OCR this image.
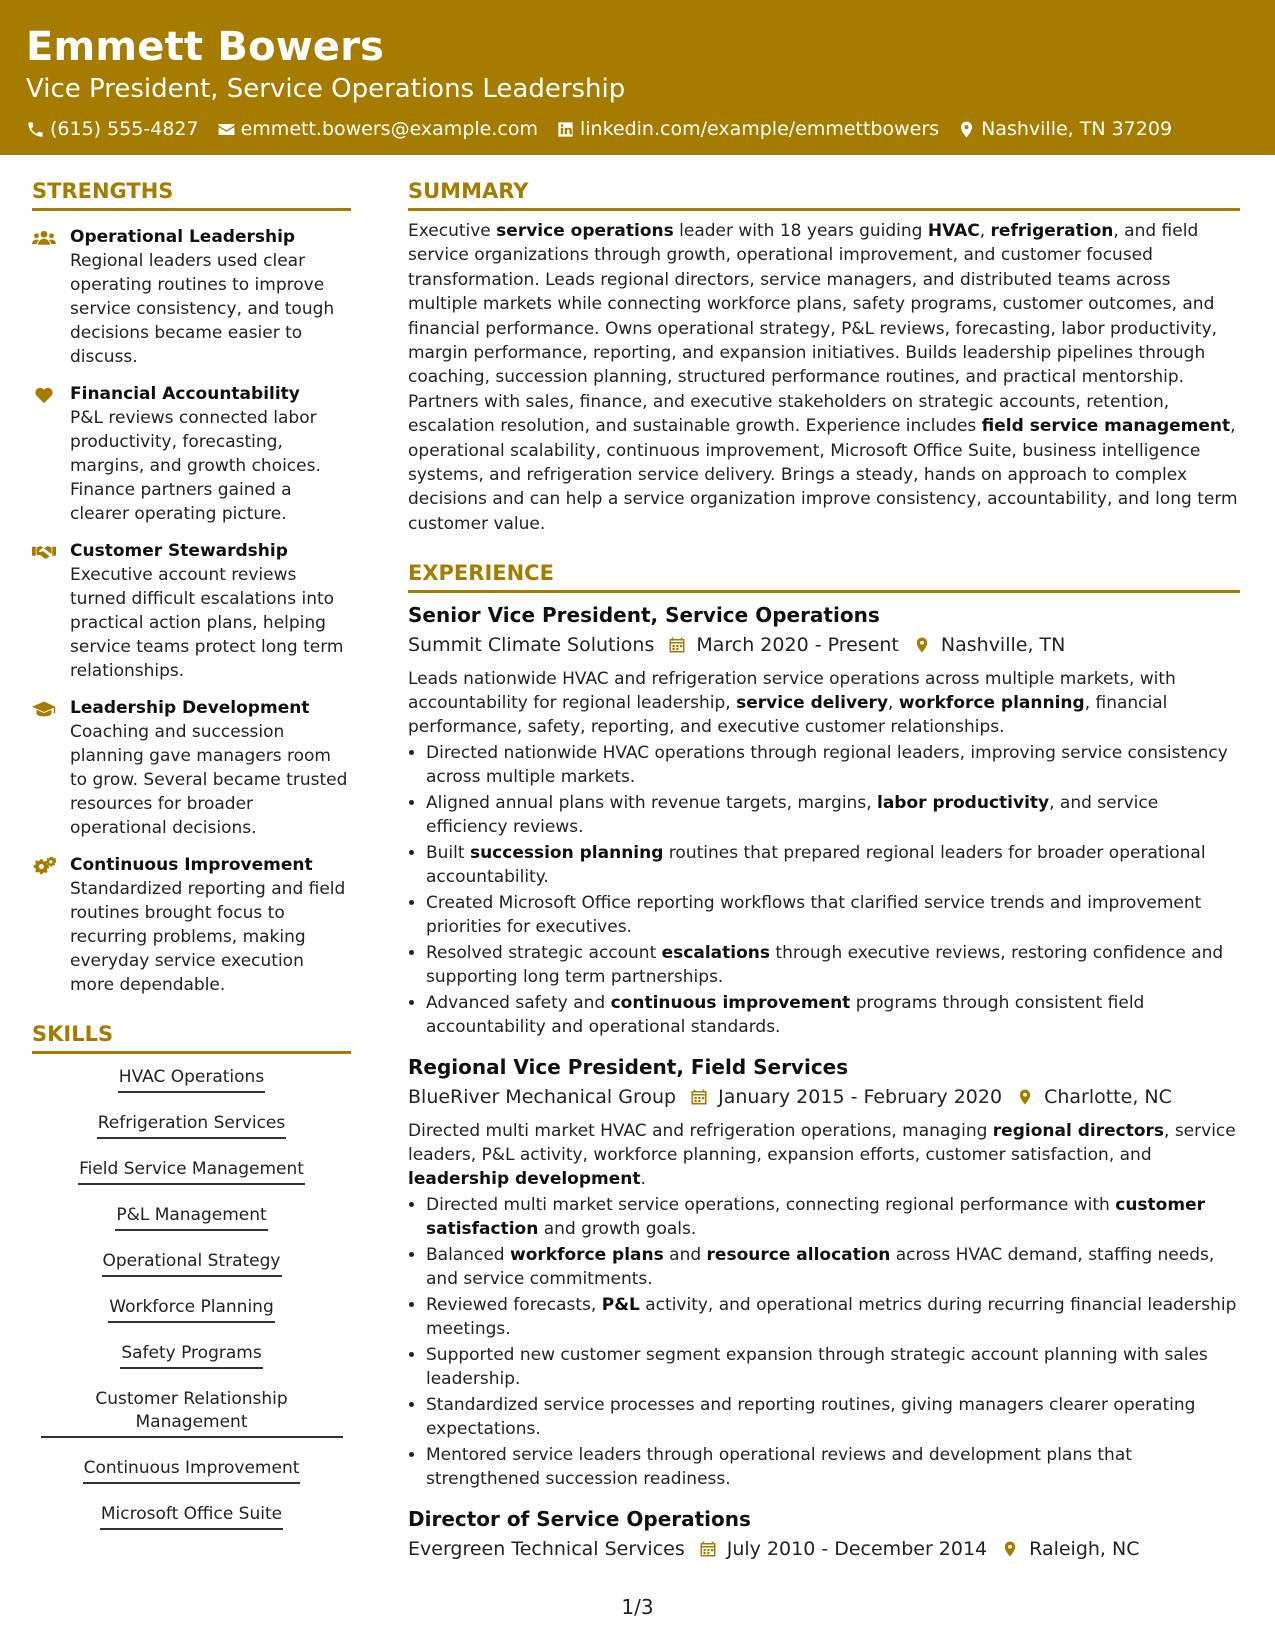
Emmett Bowers
Vice President, Service Operations Leadership
(615) 555-4827 emmett.bowers@example.com linkedin.com/example/emmettbowers Nashville, TN 37209
STRENGTHS
Operational Leadership
Regional leaders used clear operating routines to improve service consistency, and tough decisions became easier to discuss.
Financial Accountability
P&L reviews connected labor productivity, forecasting, margins, and growth choices. Finance partners gained a clearer operating picture.
Customer Stewardship
Executive account reviews turned difficult escalations into practical action plans, helping service teams protect long term relationships.
Leadership Development
Coaching and succession planning gave managers room to grow. Several became trusted resources for broader operational decisions.
Continuous Improvement
Standardized reporting and field routines brought focus to recurring problems, making everyday service execution more dependable.
SKILLS
HVAC Operations
Refrigeration Services
Field Service Management
P&L Management
Operational Strategy
Workforce Planning
Safety Programs
Customer Relationship Management
Continuous Improvement
Microsoft Office Suite
SUMMARY
Executive service operations leader with 18 years guiding HVAC, refrigeration, and field service organizations through growth, operational improvement, and customer focused transformation. Leads regional directors, service managers, and distributed teams across multiple markets while connecting workforce plans, safety programs, customer outcomes, and financial performance. Owns operational strategy, P&L reviews, forecasting, labor productivity, margin performance, reporting, and expansion initiatives. Builds leadership pipelines through coaching, succession planning, structured performance routines, and practical mentorship. Partners with sales, finance, and executive stakeholders on strategic accounts, retention, escalation resolution, and sustainable growth. Experience includes field service management, operational scalability, continuous improvement, Microsoft Office Suite, business intelligence systems, and refrigeration service delivery. Brings a steady, hands on approach to complex decisions and can help a service organization improve consistency, accountability, and long term customer value.
EXPERIENCE
Senior Vice President, Service Operations
Summit Climate Solutions March 2020 - Present Nashville, TN
Leads nationwide HVAC and refrigeration service operations across multiple markets, with accountability for regional leadership, service delivery, workforce planning, financial performance, safety, reporting, and executive customer relationships.
• Directed nationwide HVAC operations through regional leaders, improving service consistency across multiple markets.
• Aligned annual plans with revenue targets, margins, labor productivity, and service efficiency reviews.
• Built succession planning routines that prepared regional leaders for broader operational accountability.
• Created Microsoft Office reporting workflows that clarified service trends and improvement priorities for executives.
• Resolved strategic account escalations through executive reviews, restoring confidence and supporting long term partnerships.
• Advanced safety and continuous improvement programs through consistent field accountability and operational standards.
Regional Vice President, Field Services
BlueRiver Mechanical Group January 2015 - February 2020 Charlotte, NC
Directed multi market HVAC and refrigeration operations, managing regional directors, service leaders, P&L activity, workforce planning, expansion efforts, customer satisfaction, and leadership development.
• Directed multi market service operations, connecting regional performance with customer satisfaction and growth goals.
• Balanced workforce plans and resource allocation across HVAC demand, staffing needs, and service commitments.
• Reviewed forecasts, P&L activity, and operational metrics during recurring financial leadership meetings.
• Supported new customer segment expansion through strategic account planning with sales leadership.
• Standardized service processes and reporting routines, giving managers clearer operating expectations.
• Mentored service leaders through operational reviews and development plans that strengthened succession readiness.
Director of Service Operations
Evergreen Technical Services July 2010 - December 2014 Raleigh, NC
1/3
